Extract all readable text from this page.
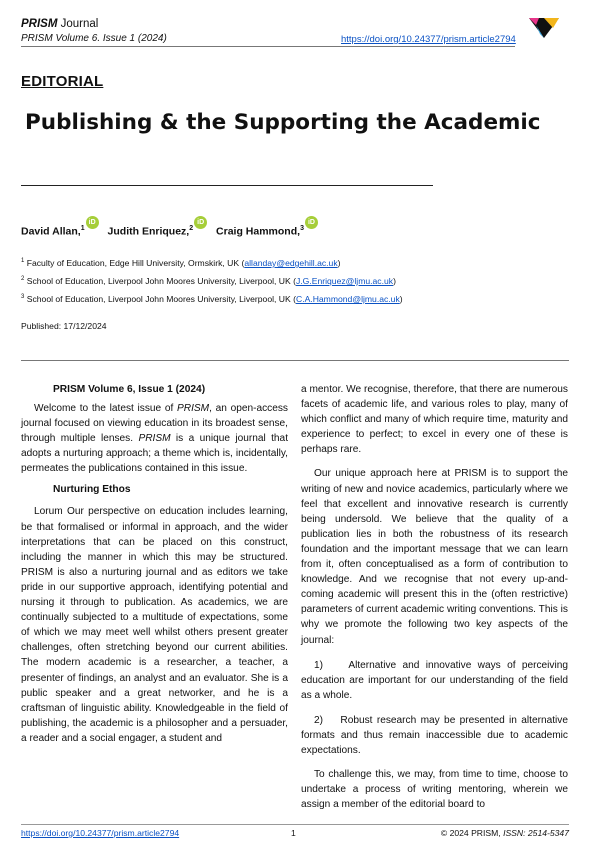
PRISM Journal
PRISM Volume 6. Issue 1 (2024)	https://doi.org/10.24377/prism.article2794
EDITORIAL
Publishing & the Supporting the Academic
David Allan,$^1$iD Judith Enriquez,$^2$iD Craig Hammond,$^3$iD
$^1$ Faculty of Education, Edge Hill University, Ormskirk, UK (allanday@edgehill.ac.uk)
$^2$ School of Education, Liverpool John Moores University, Liverpool, UK (J.G.Enriquez@ljmu.ac.uk)
$^3$ School of Education, Liverpool John Moores University, Liverpool, UK (C.A.Hammond@ljmu.ac.uk)
Published: 17/12/2024
PRISM Volume 6, Issue 1 (2024)

Welcome to the latest issue of PRISM, an open-access journal focused on viewing education in its broadest sense, through multiple lenses. PRISM is a unique journal that adopts a nurturing approach; a theme which is, incidentally, permeates the publications contained in this issue.

Nurturing Ethos

Lorum Our perspective on education includes learning, be that formalised or informal in approach, and the wider interpretations that can be placed on this construct, including the manner in which this may be structured. PRISM is also a nurturing journal and as editors we take pride in our supportive approach, identifying potential and nursing it through to publication. As academics, we are continually subjected to a multitude of expectations, some of which we may meet well whilst others present greater challenges, often stretching beyond our current abilities. The modern academic is a researcher, a teacher, a presenter of findings, an analyst and an evaluator. She is a public speaker and a great networker, and he is a craftsman of linguistic ability. Knowledgeable in the field of publishing, the academic is a philosopher and a persuader, a reader and a social engager, a student and

a mentor. We recognise, therefore, that there are numerous facets of academic life, and various roles to play, many of which conflict and many of which require time, maturity and experience to perfect; to excel in every one of these is perhaps rare.

Our unique approach here at PRISM is to support the writing of new and novice academics, particularly where we feel that excellent and innovative research is currently being undersold. We believe that the quality of a publication lies in both the robustness of its research foundation and the important message that we can learn from it, often conceptualised as a form of contribution to knowledge. And we recognise that not every up-and-coming academic will present this in the (often restrictive) parameters of current academic writing conventions. This is why we promote the following two key aspects of the journal:

1)    Alternative and innovative ways of perceiving education are important for our understanding of the field as a whole.

2)    Robust research may be presented in alternative formats and thus remain inaccessible due to academic expectations.

To challenge this, we may, from time to time, choose to undertake a process of writing mentoring, wherein we assign a member of the editorial board to

https://doi.org/10.24377/prism.article2794	1	© 2024 PRISM, ISSN: 2514-5347
